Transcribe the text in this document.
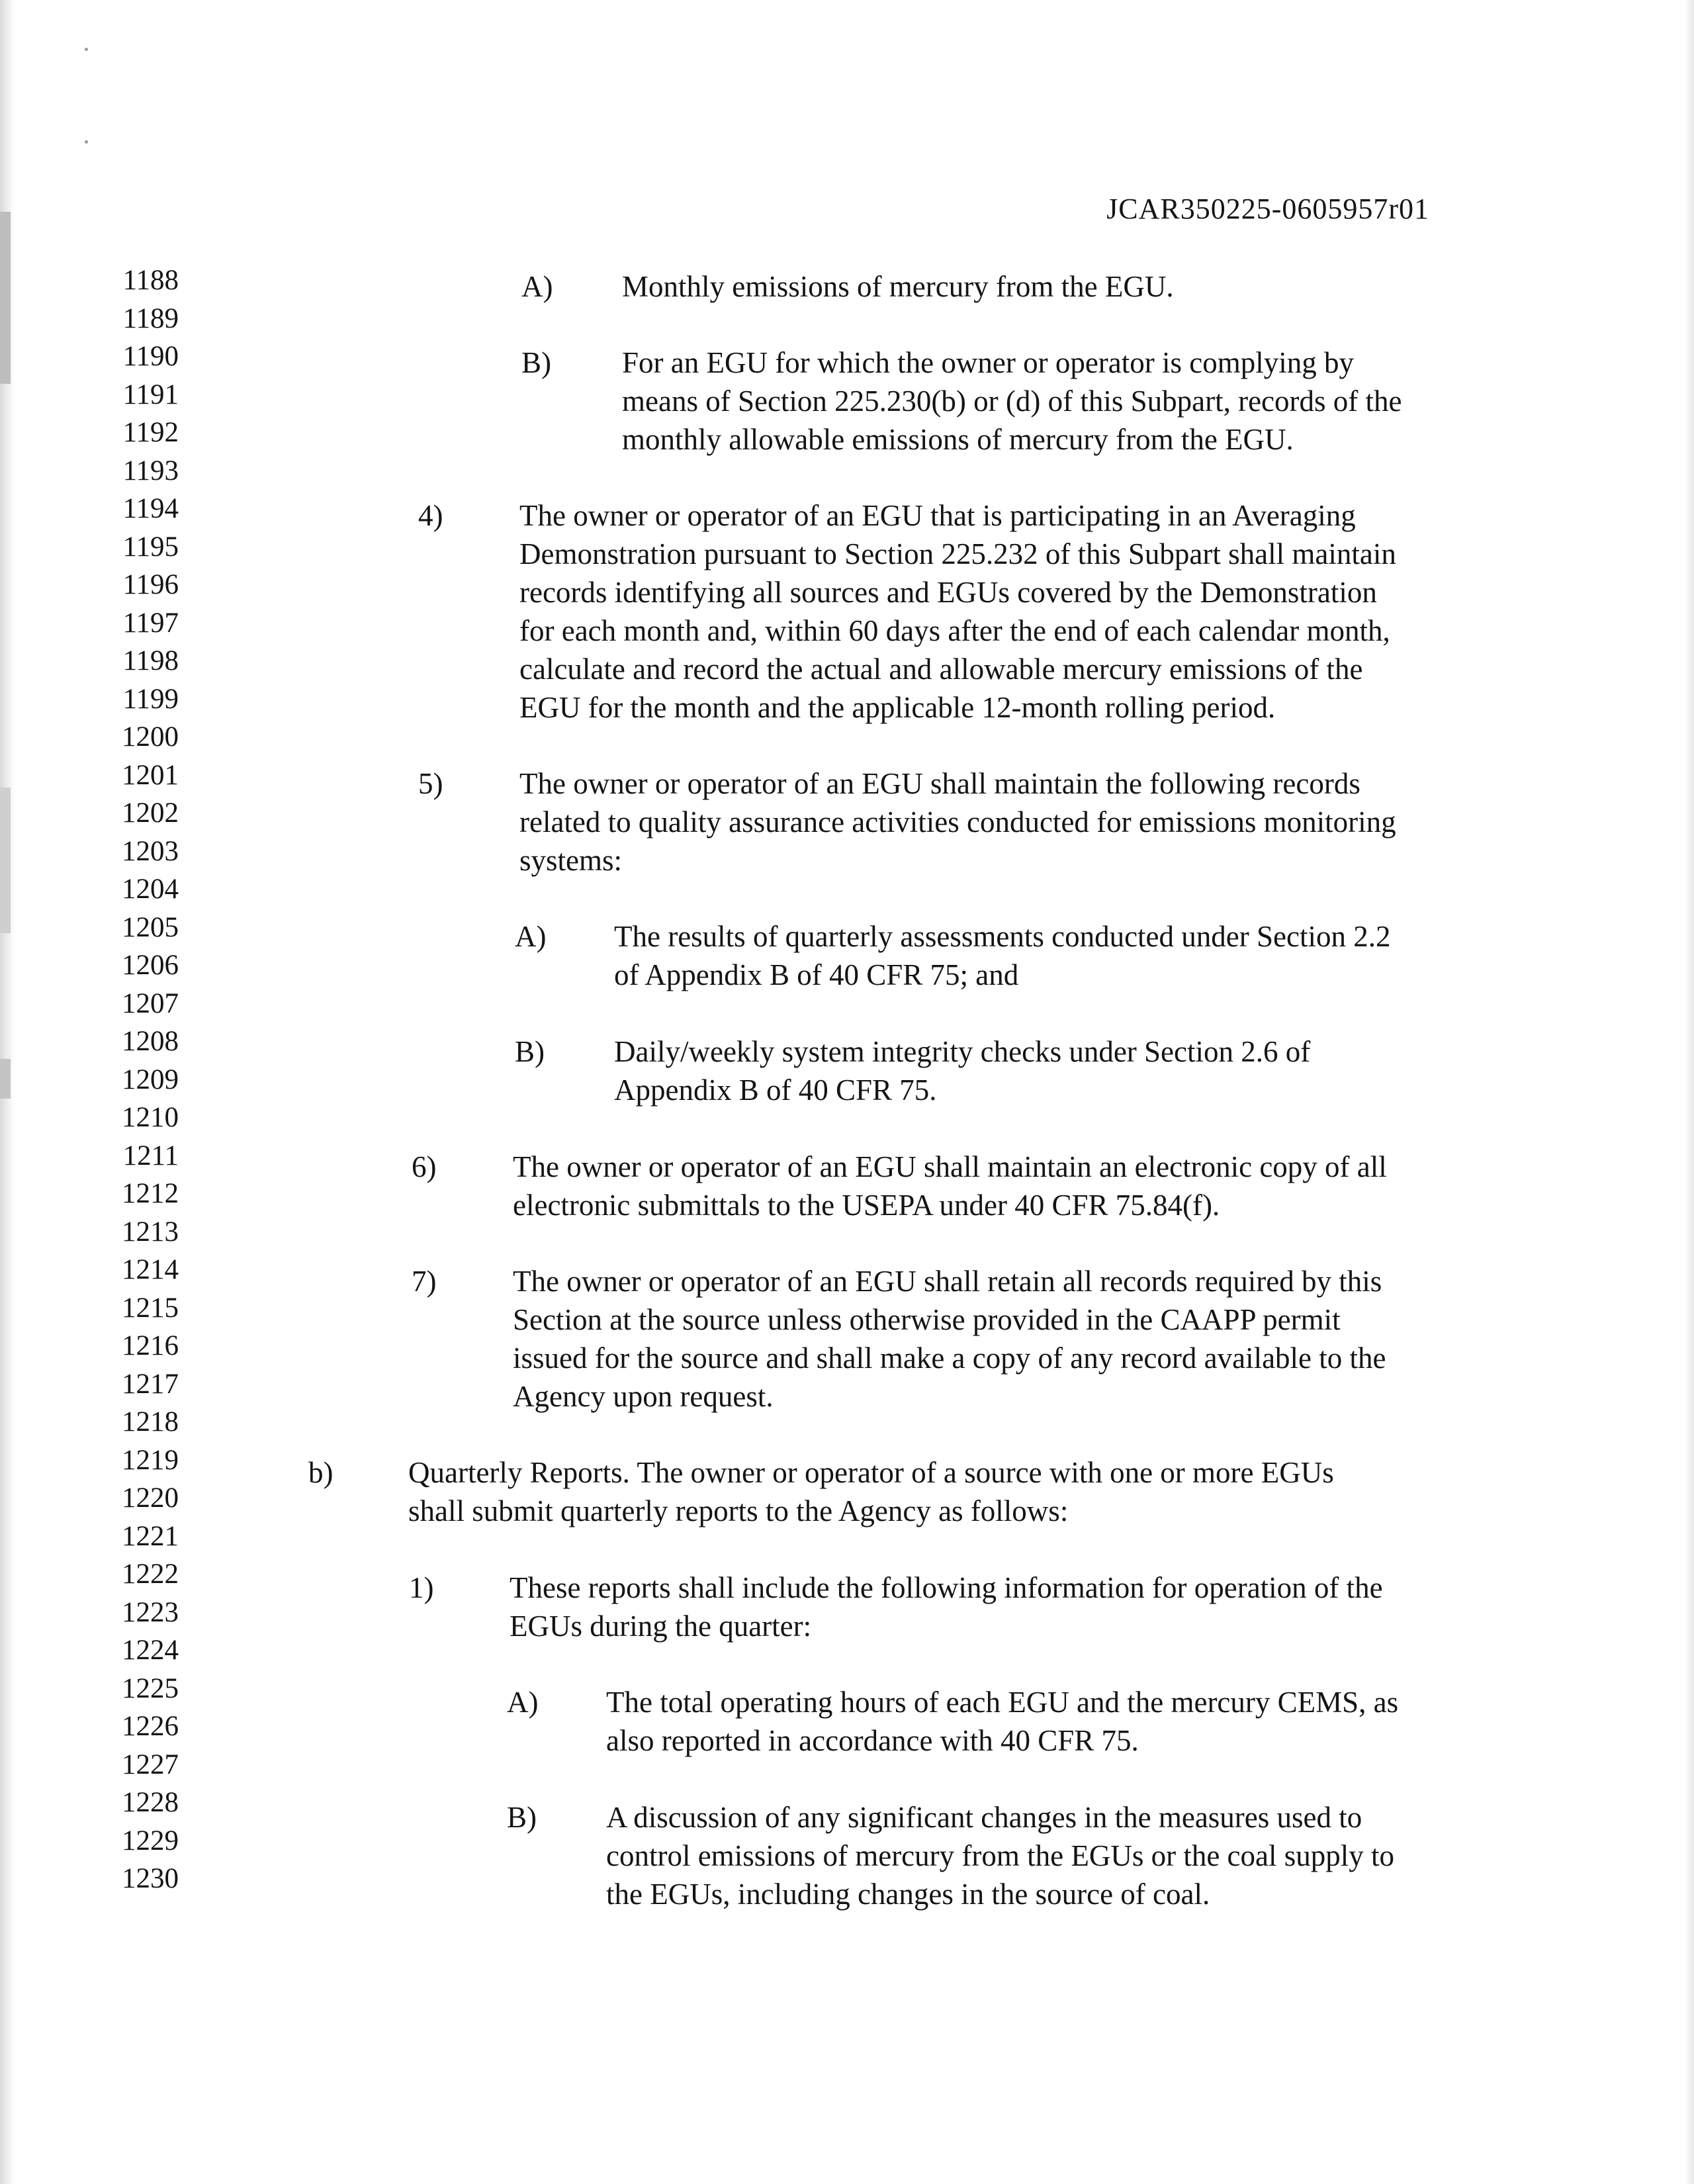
JCAR350225-0605957r01
1188
1189
1190
1191
1192
1193
1194
1195
1196
1197
1198
1199
1200
1201
1202
1203
1204
1205
1206
1207
1208
1209
1210
1211
1212
1213
1214
1215
1216
1217
1218
1219
1220
1221
1222
1223
1224
1225
1226
1227
1228
1229
1230
A) Monthly emissions of mercury from the EGU.
B) For an EGU for which the owner or operator is complying by
means of Section 225.230(b) or (d) of this Subpart, records of the
monthly allowable emissions of mercury from the EGU.
4)	The owner or operator of an EGU that is participating in an Averaging
Demonstration pursuant to Section 225.232 of this Subpart shall maintain
records identifying all sources and EGUs covered by the Demonstration
for each month and, within 60 days after the end of each calendar month,
calculate and record the actual and allowable mercury emissions of the
EGU for the month and the applicable 12-month rolling period.
5)	The owner or operator of an EGU shall maintain the following records
related to quality assurance activities conducted for emissions monitoring
systems:
A) The results of quarterly assessments conducted under Section 2.2
of Appendix B of 40 CFR 75; and
B) Daily/weekly system integrity checks under Section 2.6 of
Appendix B of 40 CFR 75.
6)	The owner or operator of an EGU shall maintain an electronic copy of all
electronic submittals to the USEPA under 40 CFR 75.84(f).
7)	The owner or operator of an EGU shall retain all records required by this
Section at the source unless otherwise provided in the CAAPP permit
issued for the source and shall make a copy of any record available to the
Agency upon request.
b)	Quarterly Reports. The owner or operator of a source with one or more EGUs
shall submit quarterly reports to the Agency as follows:
1)	These reports shall include the following information for operation of the
EGUs during the quarter:
A) The total operating hours of each EGU and the mercury CEMS, as
also reported in accordance with 40 CFR 75.
B) A discussion of any significant changes in the measures used to
control emissions of mercury from the EGUs or the coal supply to
the EGUs, including changes in the source of coal.
